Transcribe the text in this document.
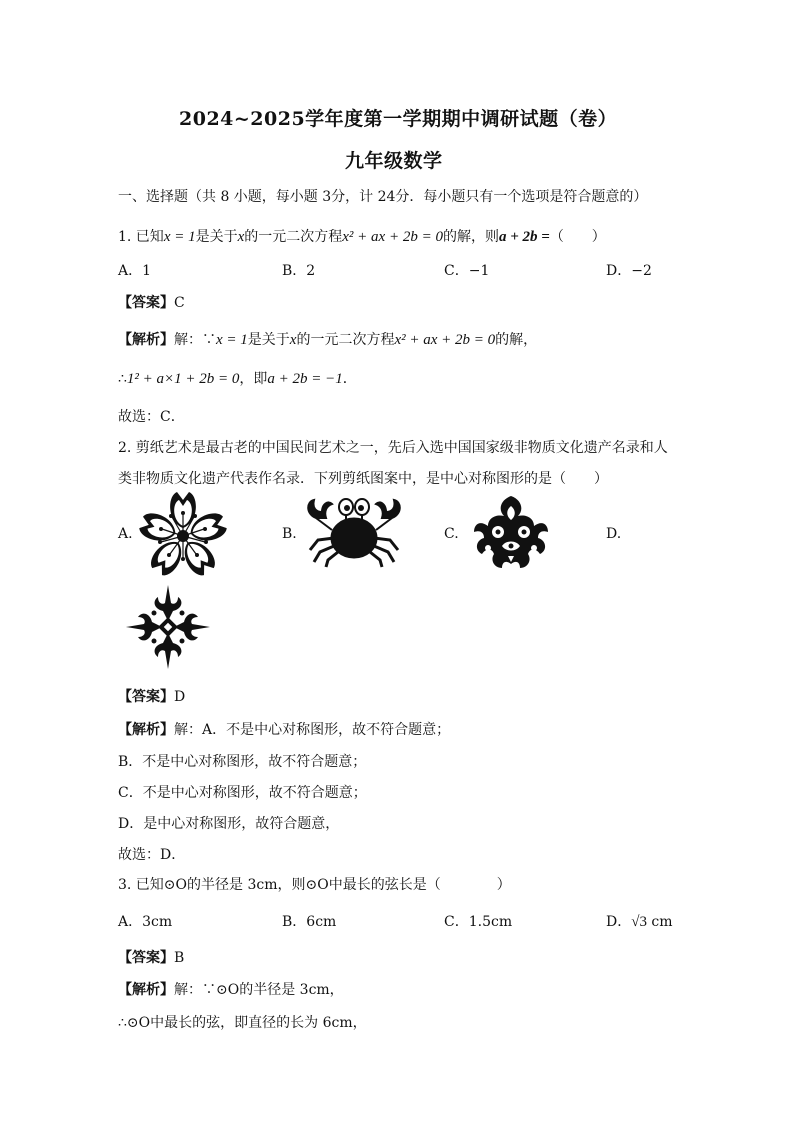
2024~2025学年度第一学期期中调研试题（卷）
九年级数学
一、选择题（共 8 小题，每小题 3分，计 24分．每小题只有一个选项是符合题意的）
1. 已知x = 1是关于x的一元二次方程x² + ax + 2b = 0的解，则a + 2b =（　　）
A．1	B．2	C．−1	D．−2
【答案】C
【解析】解：∵x = 1是关于x的一元二次方程x² + ax + 2b = 0的解，
∴1² + a×1 + 2b = 0，即a + 2b = −1．
故选：C．
2. 剪纸艺术是最古老的中国民间艺术之一，先后入选中国国家级非物质文化遗产名录和人
类非物质文化遗产代表作名录．下列剪纸图案中，是中心对称图形的是（　　）
A.	B.	C.	D.
【答案】D
【解析】解：A．不是中心对称图形，故不符合题意；
B．不是中心对称图形，故不符合题意；
C．不是中心对称图形，故不符合题意；
D．是中心对称图形，故符合题意，
故选：D．
3. 已知⊙O的半径是 3cm，则⊙O中最长的弦长是（　　　　）
A．3cm	B．6cm	C．1.5cm	D．√3 cm
【答案】B
【解析】解：∵⊙O的半径是 3cm，
∴⊙O中最长的弦，即直径的长为 6cm，
